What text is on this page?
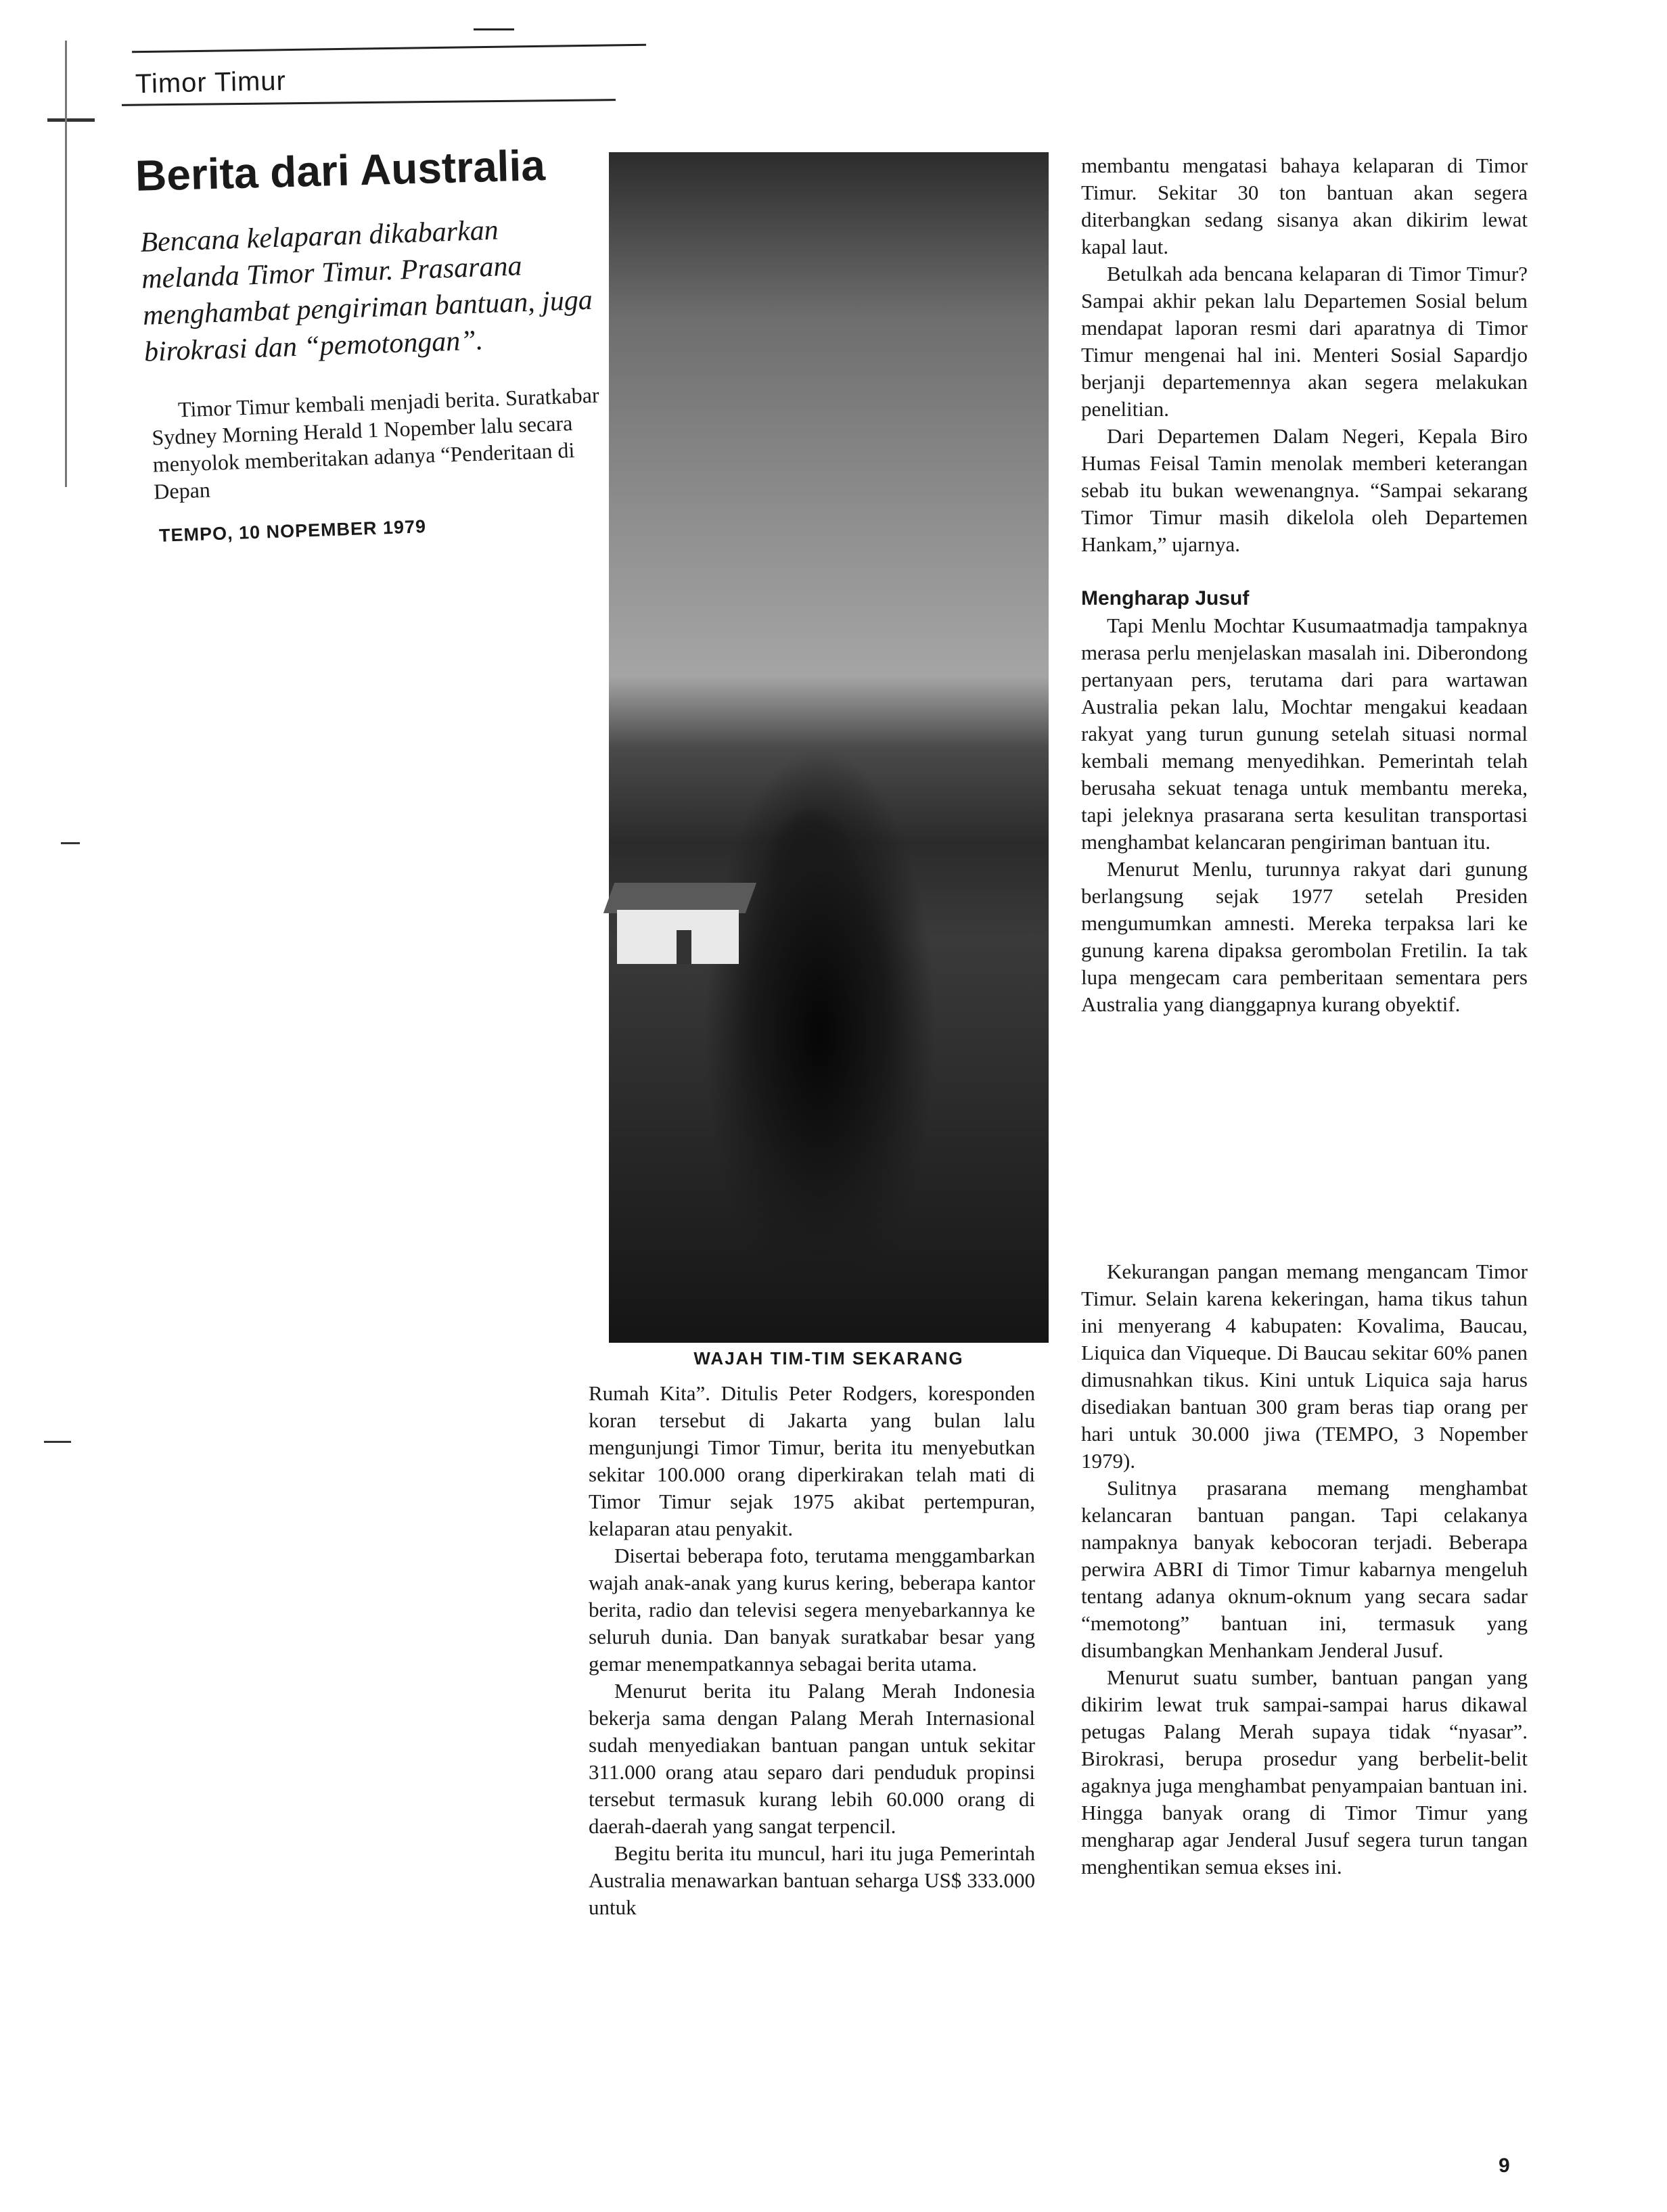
Timor Timur
Berita dari Australia
Bencana kelaparan dikabarkan melanda Timor Timur. Prasarana menghambat pengiriman bantuan, juga birokrasi dan “pemotongan”.
Timor Timur kembali menjadi berita. Suratkabar Sydney Morning Herald 1 Nopember lalu secara menyolok memberitakan adanya “Penderitaan di Depan
TEMPO, 10 NOPEMBER 1979
WAJAH TIM-TIM SEKARANG

Rumah Kita”. Ditulis Peter Rodgers, koresponden koran tersebut di Jakarta yang bulan lalu mengunjungi Timor Timur, berita itu menyebutkan sekitar 100.000 orang diperkirakan telah mati di Timor Timur sejak 1975 akibat pertempuran, kelaparan atau penyakit.

Disertai beberapa foto, terutama menggambarkan wajah anak-anak yang kurus kering, beberapa kantor berita, radio dan televisi segera menyebarkannya ke seluruh dunia. Dan banyak suratkabar besar yang gemar menempatkannya sebagai berita utama.

Menurut berita itu Palang Merah Indonesia bekerja sama dengan Palang Merah Internasional sudah menyediakan bantuan pangan untuk sekitar 311.000 orang atau separo dari penduduk propinsi tersebut termasuk kurang lebih 60.000 orang di daerah-daerah yang sangat terpencil.

Begitu berita itu muncul, hari itu juga Pemerintah Australia menawarkan bantuan seharga US$ 333.000 untuk

membantu mengatasi bahaya kelaparan di Timor Timur. Sekitar 30 ton bantuan akan segera diterbangkan sedang sisanya akan dikirim lewat kapal laut.

Betulkah ada bencana kelaparan di Timor Timur? Sampai akhir pekan lalu Departemen Sosial belum mendapat laporan resmi dari aparatnya di Timor Timur mengenai hal ini. Menteri Sosial Sapardjo berjanji departemennya akan segera melakukan penelitian.

Dari Departemen Dalam Negeri, Kepala Biro Humas Feisal Tamin menolak memberi keterangan sebab itu bukan wewenangnya. “Sampai sekarang Timor Timur masih dikelola oleh Departemen Hankam,” ujarnya.

Mengharap Jusuf

Tapi Menlu Mochtar Kusumaatmadja tampaknya merasa perlu menjelaskan masalah ini. Diberondong pertanyaan pers, terutama dari para wartawan Australia pekan lalu, Mochtar mengakui keadaan rakyat yang turun gunung setelah situasi normal kembali memang menyedihkan. Pemerintah telah berusaha sekuat tenaga untuk membantu mereka, tapi jeleknya prasarana serta kesulitan transportasi menghambat kelancaran pengiriman bantuan itu.

Menurut Menlu, turunnya rakyat dari gunung berlangsung sejak 1977 setelah Presiden mengumumkan amnesti. Mereka terpaksa lari ke gunung karena dipaksa gerombolan Fretilin. Ia tak lupa mengecam cara pemberitaan sementara pers Australia yang dianggapnya kurang obyektif.

Kekurangan pangan memang mengancam Timor Timur. Selain karena kekeringan, hama tikus tahun ini menyerang 4 kabupaten: Kovalima, Baucau, Liquica dan Viqueque. Di Baucau sekitar 60% panen dimusnahkan tikus. Kini untuk Liquica saja harus disediakan bantuan 300 gram beras tiap orang per hari untuk 30.000 jiwa (TEMPO, 3 Nopember 1979).

Sulitnya prasarana memang menghambat kelancaran bantuan pangan. Tapi celakanya nampaknya banyak kebocoran terjadi. Beberapa perwira ABRI di Timor Timur kabarnya mengeluh tentang adanya oknum-oknum yang secara sadar “memotong” bantuan ini, termasuk yang disumbangkan Menhankam Jenderal Jusuf.

Menurut suatu sumber, bantuan pangan yang dikirim lewat truk sampai-sampai harus dikawal petugas Palang Merah supaya tidak “nyasar”. Birokrasi, berupa prosedur yang berbelit-belit agaknya juga menghambat penyampaian bantuan ini. Hingga banyak orang di Timor Timur yang mengharap agar Jenderal Jusuf segera turun tangan menghentikan semua ekses ini.

9
